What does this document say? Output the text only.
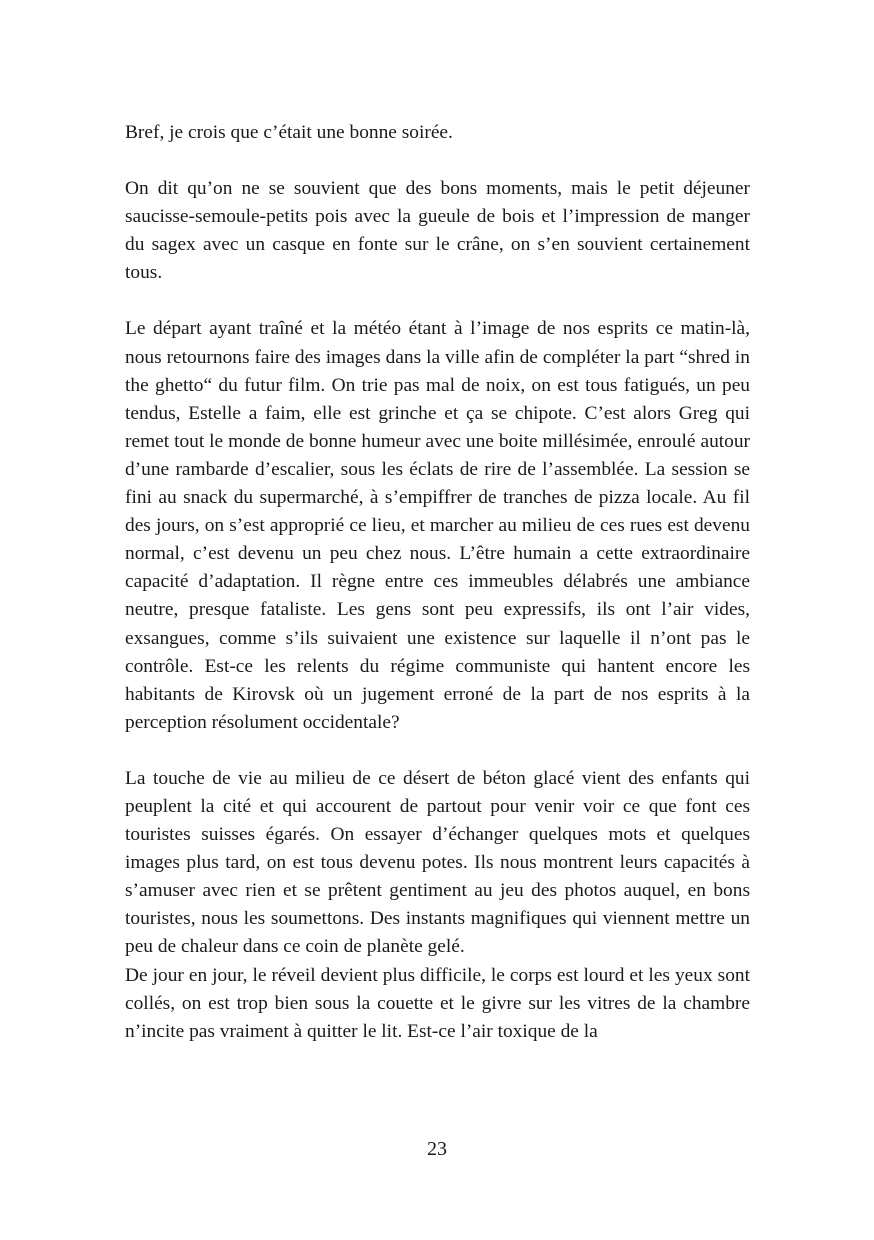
Bref, je crois que c’était une bonne soirée.

On dit qu’on ne se souvient que des bons moments, mais le petit déjeuner saucisse-semoule-petits pois avec la gueule de bois et l’impression de manger du sagex avec un casque en fonte sur le crâne, on s’en souvient certainement tous.

Le départ ayant traîné et la météo étant à l’image de nos esprits ce matin-là, nous retournons faire des images dans la ville afin de compléter la part “shred in the ghetto“ du futur film. On trie pas mal de noix, on est tous fatigués, un peu tendus, Estelle a faim, elle est grinche et ça se chipote. C’est alors Greg qui remet tout le monde de bonne humeur avec une boite millésimée, enroulé autour d’une rambarde d’escalier, sous les éclats de rire de l’assemblée. La session se fini au snack du supermarché, à s’empiffrer de tranches de pizza locale. Au fil des jours, on s’est approprié ce lieu, et marcher au milieu de ces rues est devenu normal, c’est devenu un peu chez nous. L’être humain a cette extraordinaire capacité d’adaptation. Il règne entre ces immeubles délabrés une ambiance neutre, presque fataliste. Les gens sont peu expressifs, ils ont l’air vides, exsangues, comme s’ils suivaient une existence sur laquelle il n’ont pas le contrôle. Est-ce les relents du régime communiste qui hantent encore les habitants de Kirovsk où un jugement erroné de la part de nos esprits à la perception résolument occidentale?

La touche de vie au milieu de ce désert de béton glacé vient des enfants qui peuplent la cité et qui accourent de partout pour venir voir ce que font ces touristes suisses égarés. On essayer d’échanger quelques mots et quelques images plus tard, on est tous devenu potes. Ils nous montrent leurs capacités à s’amuser avec rien et se prêtent gentiment au jeu des photos auquel, en bons touristes, nous les soumettons. Des instants magnifiques qui viennent mettre un peu de chaleur dans ce coin de planète gelé.

De jour en jour, le réveil devient plus difficile, le corps est lourd et les yeux sont collés, on est trop bien sous la couette et le givre sur les vitres de la chambre n’incite pas vraiment à quitter le lit. Est-ce l’air toxique de la

23
